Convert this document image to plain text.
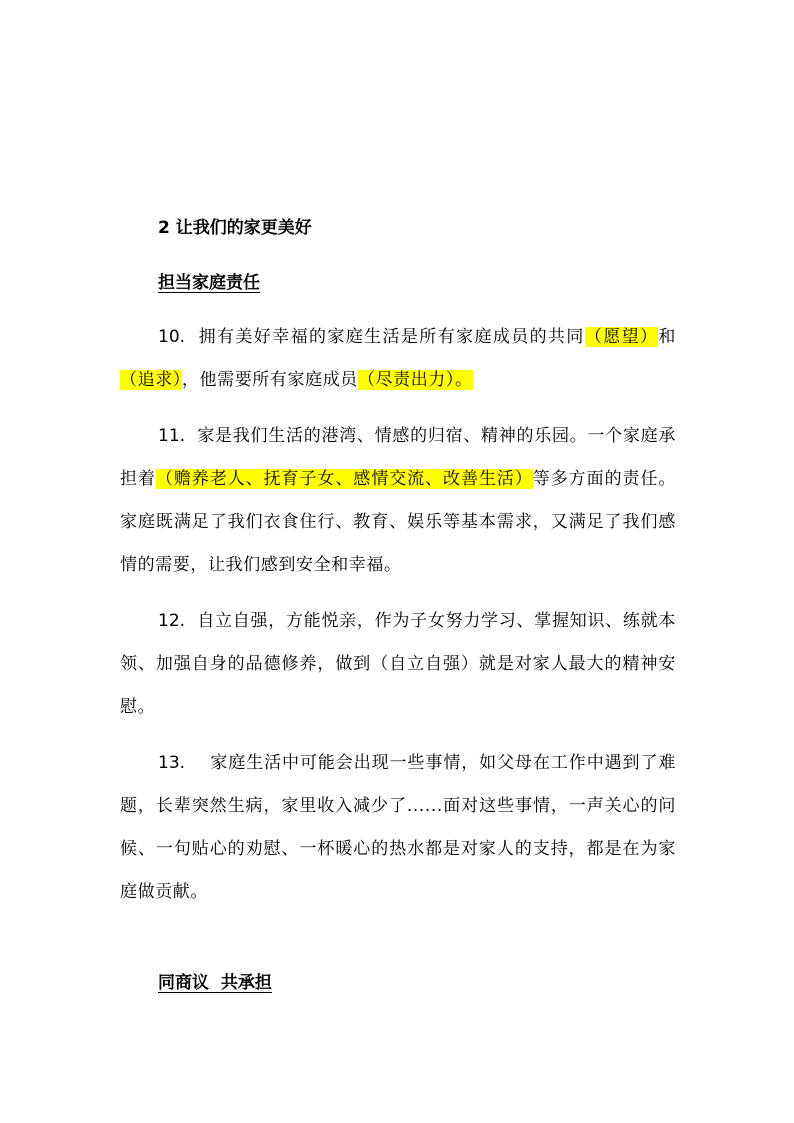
2 让我们的家更美好
担当家庭责任
10. 拥有美好幸福的家庭生活是所有家庭成员的共同（愿望）和（追求），他需要所有家庭成员（尽责出力）。
11. 家是我们生活的港湾、情感的归宿、精神的乐园。一个家庭承担着（赡养老人、抚育子女、感情交流、改善生活）等多方面的责任。家庭既满足了我们衣食住行、教育、娱乐等基本需求，又满足了我们感情的需要，让我们感到安全和幸福。
12. 自立自强，方能悦亲，作为子女努力学习、掌握知识、练就本领、加强自身的品德修养，做到（自立自强）就是对家人最大的精神安慰。
13. 家庭生活中可能会出现一些事情，如父母在工作中遇到了难题，长辈突然生病，家里收入减少了......面对这些事情，一声关心的问候、一句贴心的劝慰、一杯暖心的热水都是对家人的支持，都是在为家庭做贡献。
同商议  共承担
